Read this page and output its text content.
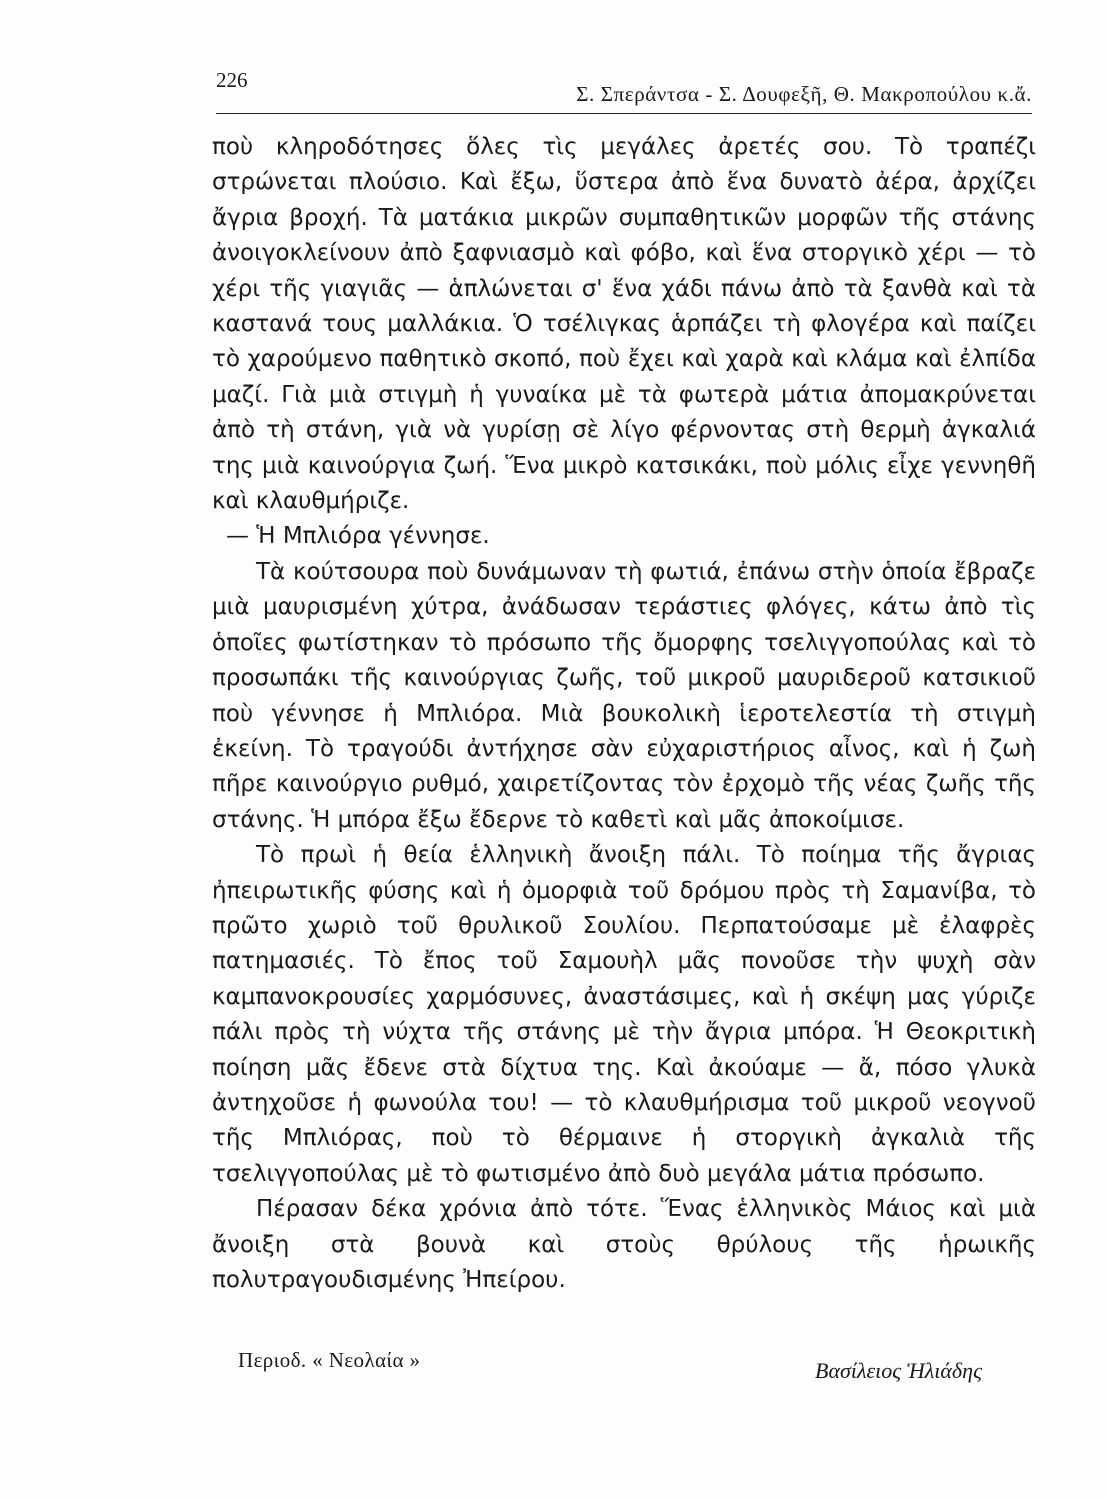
226
Σ. Σπεράντσα - Σ. Δουφεξῆ, Θ. Μακροπούλου κ.ἄ.

ποὺ κληροδότησες ὅλες τὶς μεγάλες ἀρετές σου. Τὸ τραπέζι στρώνεται πλούσιο. Καὶ ἔξω, ὕστερα ἀπὸ ἕνα δυνατὸ ἀέρα, ἀρχίζει ἄγρια βροχή. Τὰ ματάκια μικρῶν συμπαθητικῶν μορφῶν τῆς στάνης ἀνοιγοκλείνουν ἀπὸ ξαφνιασμὸ καὶ φόβο, καὶ ἕνα στοργικὸ χέρι — τὸ χέρι τῆς γιαγιᾶς — ἁπλώνεται σ' ἕνα χάδι πάνω ἀπὸ τὰ ξανθὰ καὶ τὰ καστανά τους μαλλάκια. Ὁ τσέλιγκας ἁρπάζει τὴ φλογέρα καὶ παίζει τὸ χαρούμενο παθητικὸ σκοπό, ποὺ ἔχει καὶ χαρὰ καὶ κλάμα καὶ ἐλπίδα μαζί. Γιὰ μιὰ στιγμὴ ἡ γυναίκα μὲ τὰ φωτερὰ μάτια ἀπομακρύνεται ἀπὸ τὴ στάνη, γιὰ νὰ γυρίσῃ σὲ λίγο φέρνοντας στὴ θερμὴ ἀγκαλιά της μιὰ καινούργια ζωή. Ἕνα μικρὸ κατσικάκι, ποὺ μόλις εἶχε γεννηθῆ καὶ κλαυθμήριζε.

— Ἡ Μπλιόρα γέννησε.

Τὰ κούτσουρα ποὺ δυνάμωναν τὴ φωτιά, ἐπάνω στὴν ὁποία ἔβραζε μιὰ μαυρισμένη χύτρα, ἀνάδωσαν τεράστιες φλόγες, κάτω ἀπὸ τὶς ὁποῖες φωτίστηκαν τὸ πρόσωπο τῆς ὄμορφης τσελιγγοπούλας καὶ τὸ προσωπάκι τῆς καινούργιας ζωῆς, τοῦ μικροῦ μαυριδεροῦ κατσικιοῦ ποὺ γέννησε ἡ Μπλιόρα. Μιὰ βουκολικὴ ἱεροτελεστία τὴ στιγμὴ ἐκείνη. Τὸ τραγούδι ἀντήχησε σὰν εὐχαριστήριος αἶνος, καὶ ἡ ζωὴ πῆρε καινούργιο ρυθμό, χαιρετίζοντας τὸν ἐρχομὸ τῆς νέας ζωῆς τῆς στάνης. Ἡ μπόρα ἔξω ἔδερνε τὸ καθετὶ καὶ μᾶς ἀποκοίμισε.

Τὸ πρωὶ ἡ θεία ἑλληνικὴ ἄνοιξη πάλι. Τὸ ποίημα τῆς ἄγριας ἠπειρωτικῆς φύσης καὶ ἡ ὀμορφιὰ τοῦ δρόμου πρὸς τὴ Σαμανίβα, τὸ πρῶτο χωριὸ τοῦ θρυλικοῦ Σουλίου. Περπατούσαμε μὲ ἐλαφρὲς πατημασιές. Τὸ ἔπος τοῦ Σαμουὴλ μᾶς πονοῦσε τὴν ψυχὴ σὰν καμπανοκρουσίες χαρμόσυνες, ἀναστάσιμες, καὶ ἡ σκέψη μας γύριζε πάλι πρὸς τὴ νύχτα τῆς στάνης μὲ τὴν ἄγρια μπόρα. Ἡ Θεοκριτικὴ ποίηση μᾶς ἔδενε στὰ δίχτυα της. Καὶ ἀκούαμε — ἄ, πόσο γλυκὰ ἀντηχοῦσε ἡ φωνούλα του! — τὸ κλαυθμήρισμα τοῦ μικροῦ νεογνοῦ τῆς Μπλιόρας, ποὺ τὸ θέρμαινε ἡ στοργικὴ ἀγκαλιὰ τῆς τσελιγγοπούλας μὲ τὸ φωτισμένο ἀπὸ δυὸ μεγάλα μάτια πρόσωπο.

Πέρασαν δέκα χρόνια ἀπὸ τότε. Ἕνας ἑλληνικὸς Μάιος καὶ μιὰ ἄνοιξη στὰ βουνὰ καὶ στοὺς θρύλους τῆς ἡρωικῆς πολυτραγουδισμένης Ἠπείρου.

Περιοδ. « Νεολαία »	Βασίλειος Ἡλιάδης
